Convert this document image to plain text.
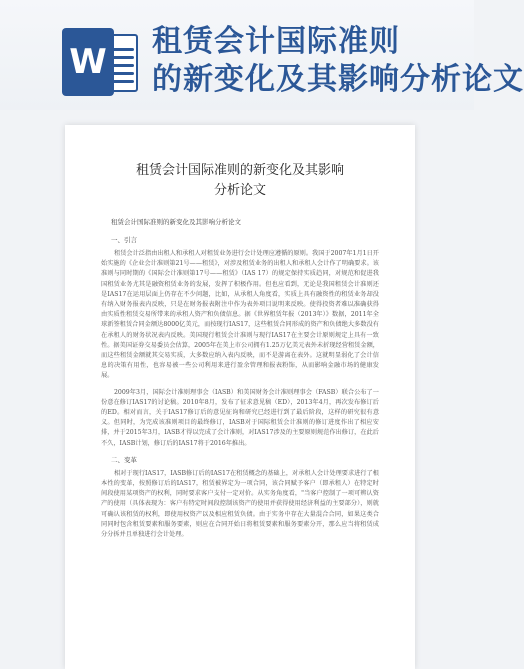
W
租赁会计国际准则
的新变化及其影响分析论文
租赁会计国际准则的新变化及其影响
分析论文
租赁会计国际准则的新变化及其影响分析论文
一、引言

租赁会计泛指由出租人和承租人对租赁业务进行会计处理应遵循的原则。我国于2007年1月1日开始实施的《企业会计准则第21号——租赁》，对涉及租赁业务的出租人和承租人会计作了明确要求。该准则与同时期的《国际会计准则第17号——租赁》（IAS 17）的规定保持实质趋同，对规范和促进我国租赁业务尤其是融资租赁业务的发展，发挥了积极作用。但也应看到，无论是我国租赁会计准则还是IAS17在运用层面上仍存在不少问题，比如，从承租人角度看，实质上具有融资性的租赁业务却没有纳入财务报表内反映，只是在财务报表附注中作为表外项目说明来反映。使得投资者难以准确获得由实质性租赁交易所带来的承租人资产和负债信息。据《世界租赁年报（2013年）》数据，2011年全球新签租赁合同金额达8000亿美元，而按现行IAS17，这些租赁合同形成的资产和负债绝大多数没有在承租人的财务状况表内反映。美国现行租赁会计准则与现行IAS17在主要会计原则规定上具有一致性。据美国证券交易委员会估算，2005年在美上市公司拥有1.25万亿美元表外未折现经营租赁金额，而这些租赁金额就其交易实质，大多数应纳入表内反映，而不是游离在表外。这就明显弱化了会计信息的决策有用性，也容易被一些公司利用来进行盈余管理和报表粉饰，从而影响金融市场的健康发展。

2009年3月，国际会计准则理事会（IASB）和美国财务会计准则理事会（FASB）联合公布了一份意在修订IAS17的讨论稿。2010年8月，发布了征求意见稿（ED），2013年4月，再次发布修订后的ED。相对而言，关于IAS17修订后的意见征询和研究已经进行到了最后阶段，这样的研究很有意义。但同时，为完成该准则项目的最终修订，IASB对于国际租赁会计准则的修订进度作出了相应安排，并于2015年3月，IASB才得以完成了会计准则，对IAS17涉及的主要原则规范作出修订，在此后不久，IASB计划，修订后的IAS17将于2016年推出。

二、变革

相对于现行IAS17，IASB修订后的IAS17在租赁概念的基础上，对承租人会计处理要求进行了根本性的变革，按照修订后的IAS17，租赁被界定为一项合同，该合同赋予客户（即承租人）在特定时间段使用某项资产的权利，同时要求客户支付一定对价。从实务角度看，"当客户控制了一项可辨认资产的使用（具体表现为：客户有特定时间段控制该资产的使用并获得使用经济利益的主要部分），则就可确认该租赁的权利，即使用权资产以及相应租赁负债。由于实务中存在大量混合合同，如果这类合同同时包含租赁要素和服务要素，则应在合同开始日将租赁要素和服务要素分开，那么应当将租赁成分分拆并且单独进行会计处理。
